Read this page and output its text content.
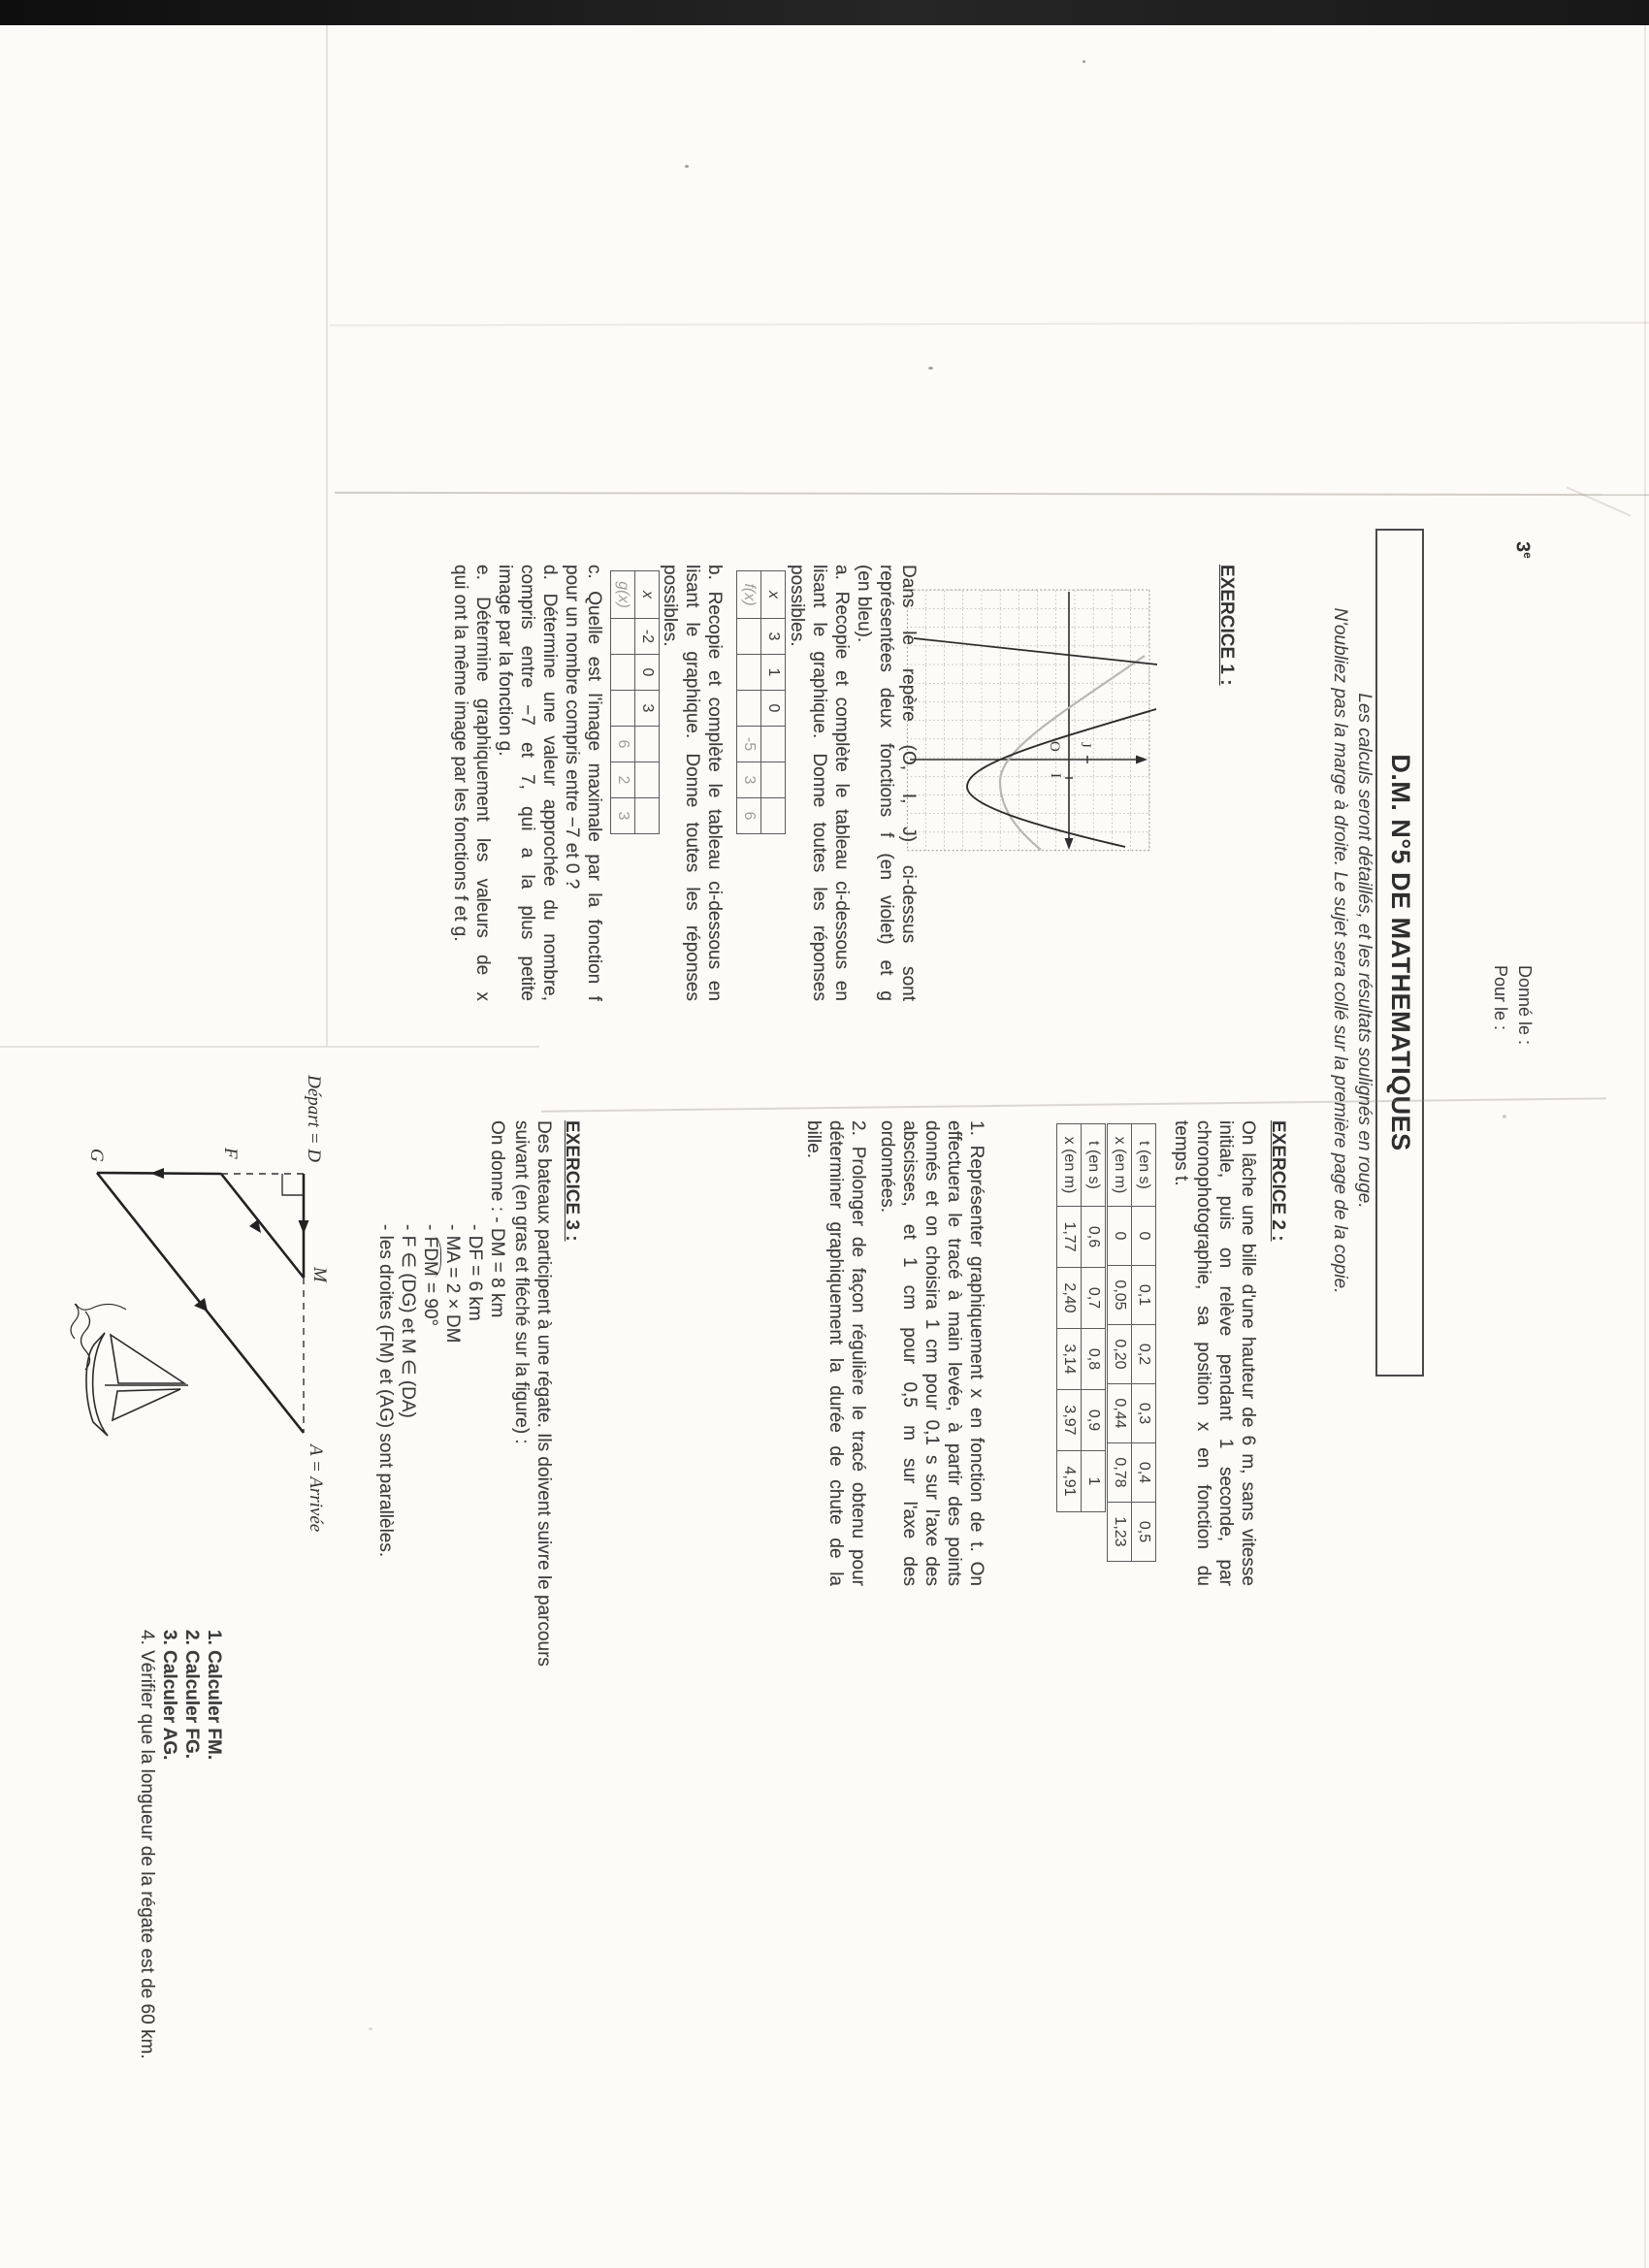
3e
Donné le :
Pour le :
D.M. N°5 DE MATHEMATIQUES
Les calculs seront détaillés, et les résultats soulignés en rouge.
N'oubliez pas la marge à droite. Le sujet sera collé sur la première page de la copie.
EXERCICE 1 :
O
I
J
Dans le repère (O, I, J) ci-dessus sont
représentées deux fonctions f (en violet) et g
(en bleu).
a. Recopie et complète le tableau ci-dessous en
lisant le graphique. Donne toutes les réponses
possibles.
x	3	1	0			
f(x)				-5	3	6
b. Recopie et complète le tableau ci-dessous en
lisant le graphique. Donne toutes les réponses
possibles.
x	-2	0	3			
g(x)				6	2	3
c. Quelle est l'image maximale par la fonction f
pour un nombre compris entre −7 et 0 ?
d. Détermine une valeur approchée du nombre,
compris entre −7 et 7, qui a la plus petite
image par la fonction g.
e. Détermine graphiquement les valeurs de x
qui ont la même image par les fonctions f et g.
EXERCICE 2 :
On lâche une bille d'une hauteur de 6 m, sans vitesse
initiale, puis on relève pendant 1 seconde, par
chronophotographie, sa position x en fonction du
temps t.
t (en s)	0	0,1	0,2	0,3	0,4	0,5
x (en m)	0	0,05	0,20	0,44	0,78	1,23
t (en s)	0,6	0,7	0,8	0,9	1
x (en m)	1,77	2,40	3,14	3,97	4,91
1. Représenter graphiquement x en fonction de t. On
effectuera le tracé à main levée, à partir des points
donnés et on choisira 1 cm pour 0,1 s sur l'axe des
abscisses, et 1 cm pour 0,5 m sur l'axe des
ordonnées.
2. Prolonger de façon régulière le tracé obtenu pour
déterminer graphiquement la durée de chute de la
bille.
EXERCICE 3 :
Des bateaux participent à une régate. Ils doivent suivre le parcours
suivant (en gras et fléché sur la figure) :
On donne : - DM = 8 km
- DF = 6 km
- MA = 2 × DM
- FDM = 90°
- F ∈ (DG) et M ∈ (DA)
- les droites (FM) et (AG) sont parallèles.
Départ = D
M
A = Arrivée
F
G
1. Calculer FM.
2. Calculer FG.
3. Calculer AG.
4. Vérifier que la longueur de la régate est de 60 km.
